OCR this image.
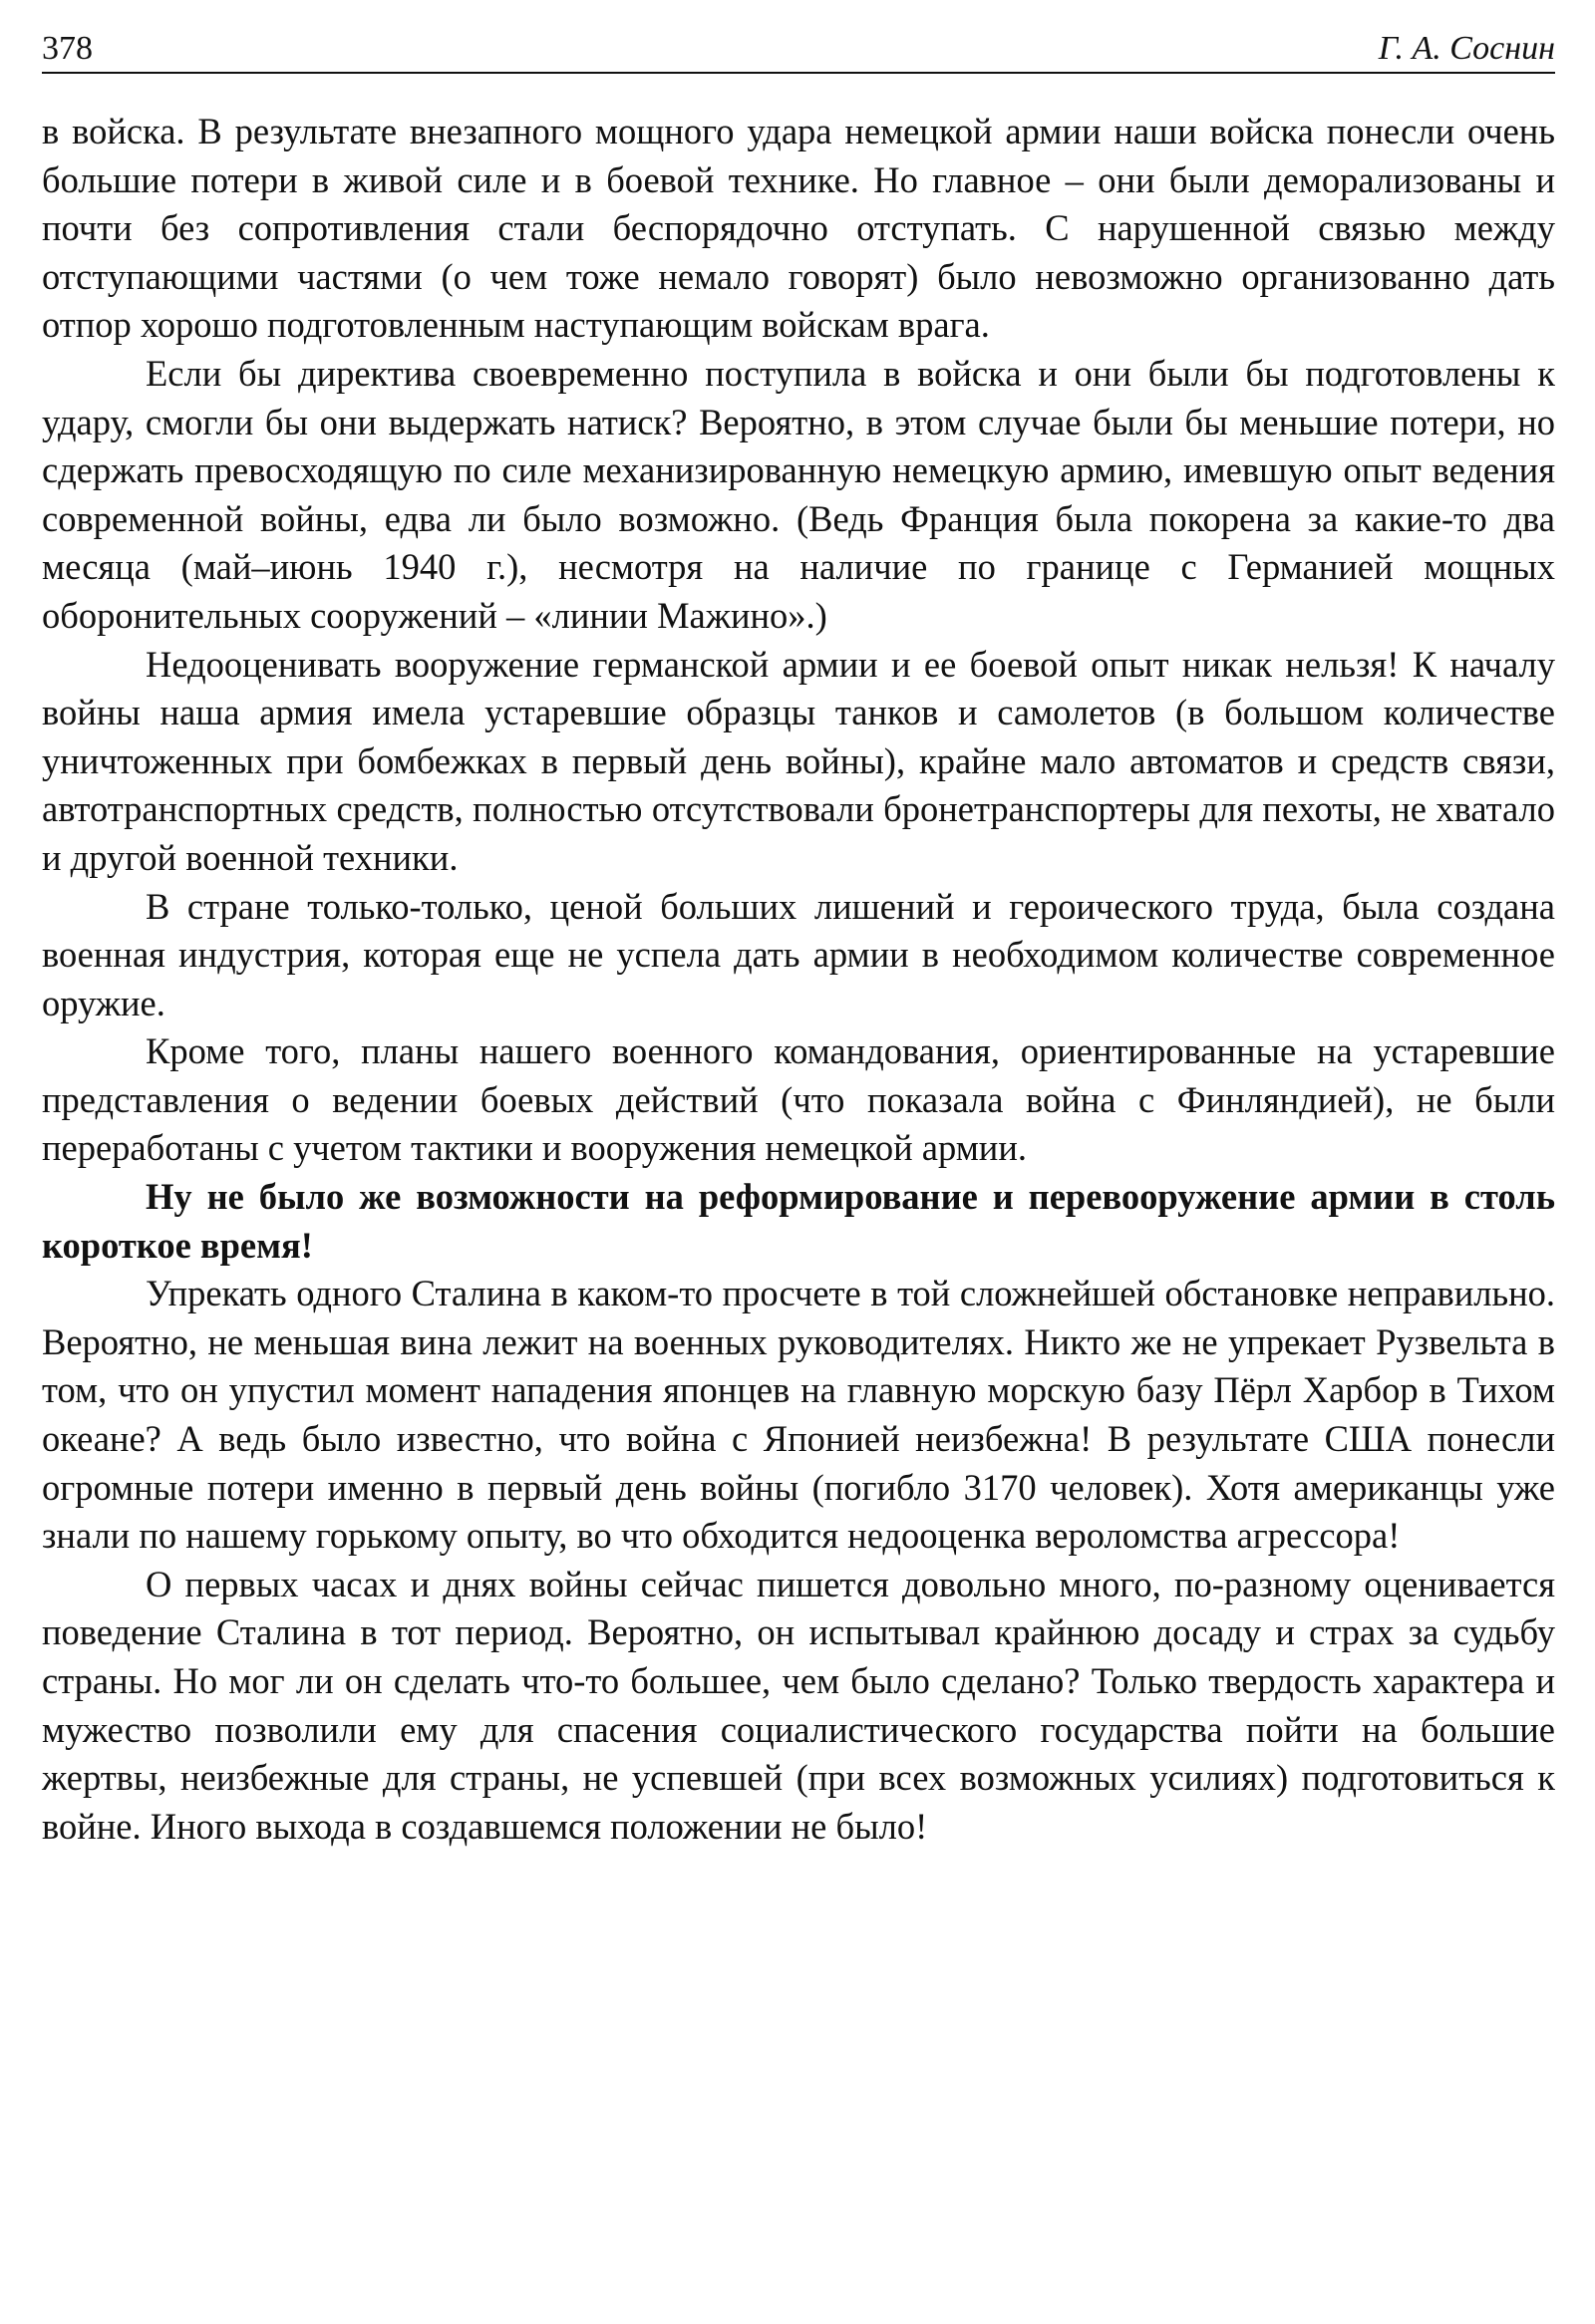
378	Г. А. Соснин

в войска. В результате внезапного мощного удара немецкой армии наши войска понесли очень большие потери в живой силе и в боевой технике. Но главное – они были деморализованы и почти без сопротивления стали беспорядочно отступать. С нарушенной связью между отступающими частями (о чем тоже немало говорят) было невозможно организованно дать отпор хорошо подготовленным наступающим войскам врага.

Если бы директива своевременно поступила в войска и они были бы подготовлены к удару, смогли бы они выдержать натиск? Вероятно, в этом случае были бы меньшие потери, но сдержать превосходящую по силе механизированную немецкую армию, имевшую опыт ведения современной войны, едва ли было возможно. (Ведь Франция была покорена за какие-то два месяца (май–июнь 1940 г.), несмотря на наличие по границе с Германией мощных оборонительных сооружений – «линии Мажино».)

Недооценивать вооружение германской армии и ее боевой опыт никак нельзя! К началу войны наша армия имела устаревшие образцы танков и самолетов (в большом количестве уничтоженных при бомбежках в первый день войны), крайне мало автоматов и средств связи, автотранспортных средств, полностью отсутствовали бронетранспортеры для пехоты, не хватало и другой военной техники.

В стране только-только, ценой больших лишений и героического труда, была создана военная индустрия, которая еще не успела дать армии в необходимом количестве современное оружие.

Кроме того, планы нашего военного командования, ориентированные на устаревшие представления о ведении боевых действий (что показала война с Финляндией), не были переработаны с учетом тактики и вооружения немецкой армии.

Ну не было же возможности на реформирование и перевооружение армии в столь короткое время!

Упрекать одного Сталина в каком-то просчете в той сложнейшей обстановке неправильно. Вероятно, не меньшая вина лежит на военных руководителях. Никто же не упрекает Рузвельта в том, что он упустил момент нападения японцев на главную морскую базу Пёрл Харбор в Тихом океане? А ведь было известно, что война с Японией неизбежна! В результате США понесли огромные потери именно в первый день войны (погибло 3170 человек). Хотя американцы уже знали по нашему горькому опыту, во что обходится недооценка вероломства агрессора!

О первых часах и днях войны сейчас пишется довольно много, по-разному оценивается поведение Сталина в тот период. Вероятно, он испытывал крайнюю досаду и страх за судьбу страны. Но мог ли он сделать что-то большее, чем было сделано? Только твердость характера и мужество позволили ему для спасения социалистического государства пойти на большие жертвы, неизбежные для страны, не успевшей (при всех возможных усилиях) подготовиться к войне. Иного выхода в создавшемся положении не было!
